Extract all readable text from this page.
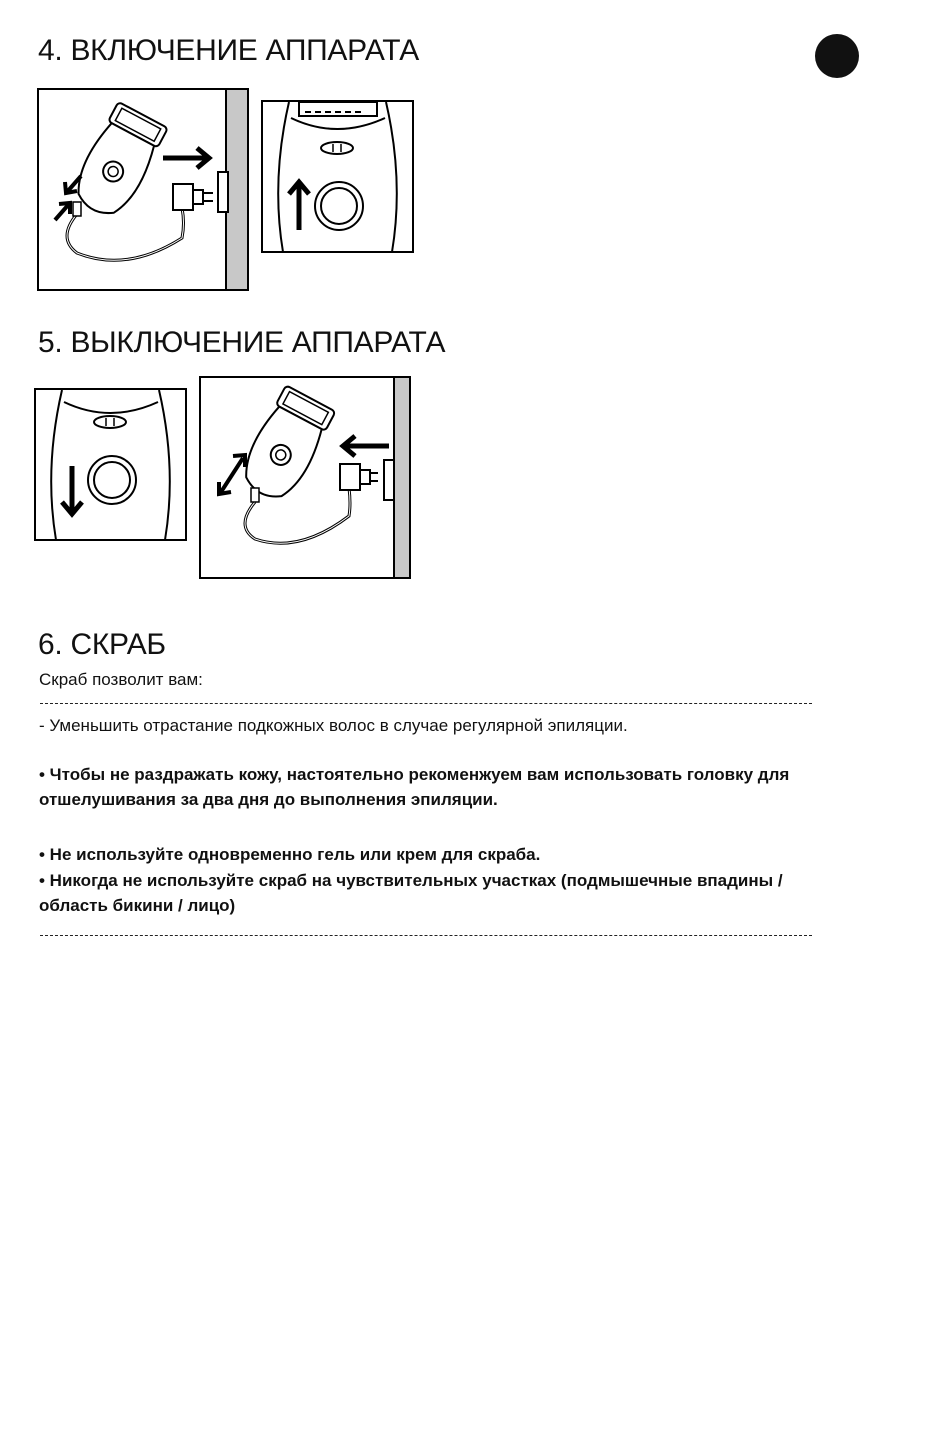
4. ВКЛЮЧЕНИЕ АППАРАТА
5. ВЫКЛЮЧЕНИЕ АППАРАТА
6. СКРАБ
Скраб позволит вам:
- Уменьшить отрастание подкожных волос в случае регулярной эпиляции.
• Чтобы не раздражать кожу, настоятельно рекоменжуем вам использовать головку для отшелушивания за два дня до выполнения эпиляции.
• Не используйте одновременно гель или крем для скраба.
• Никогда не используйте скраб на чувствительных участках (подмышечные впадины / область бикини / лицо)
